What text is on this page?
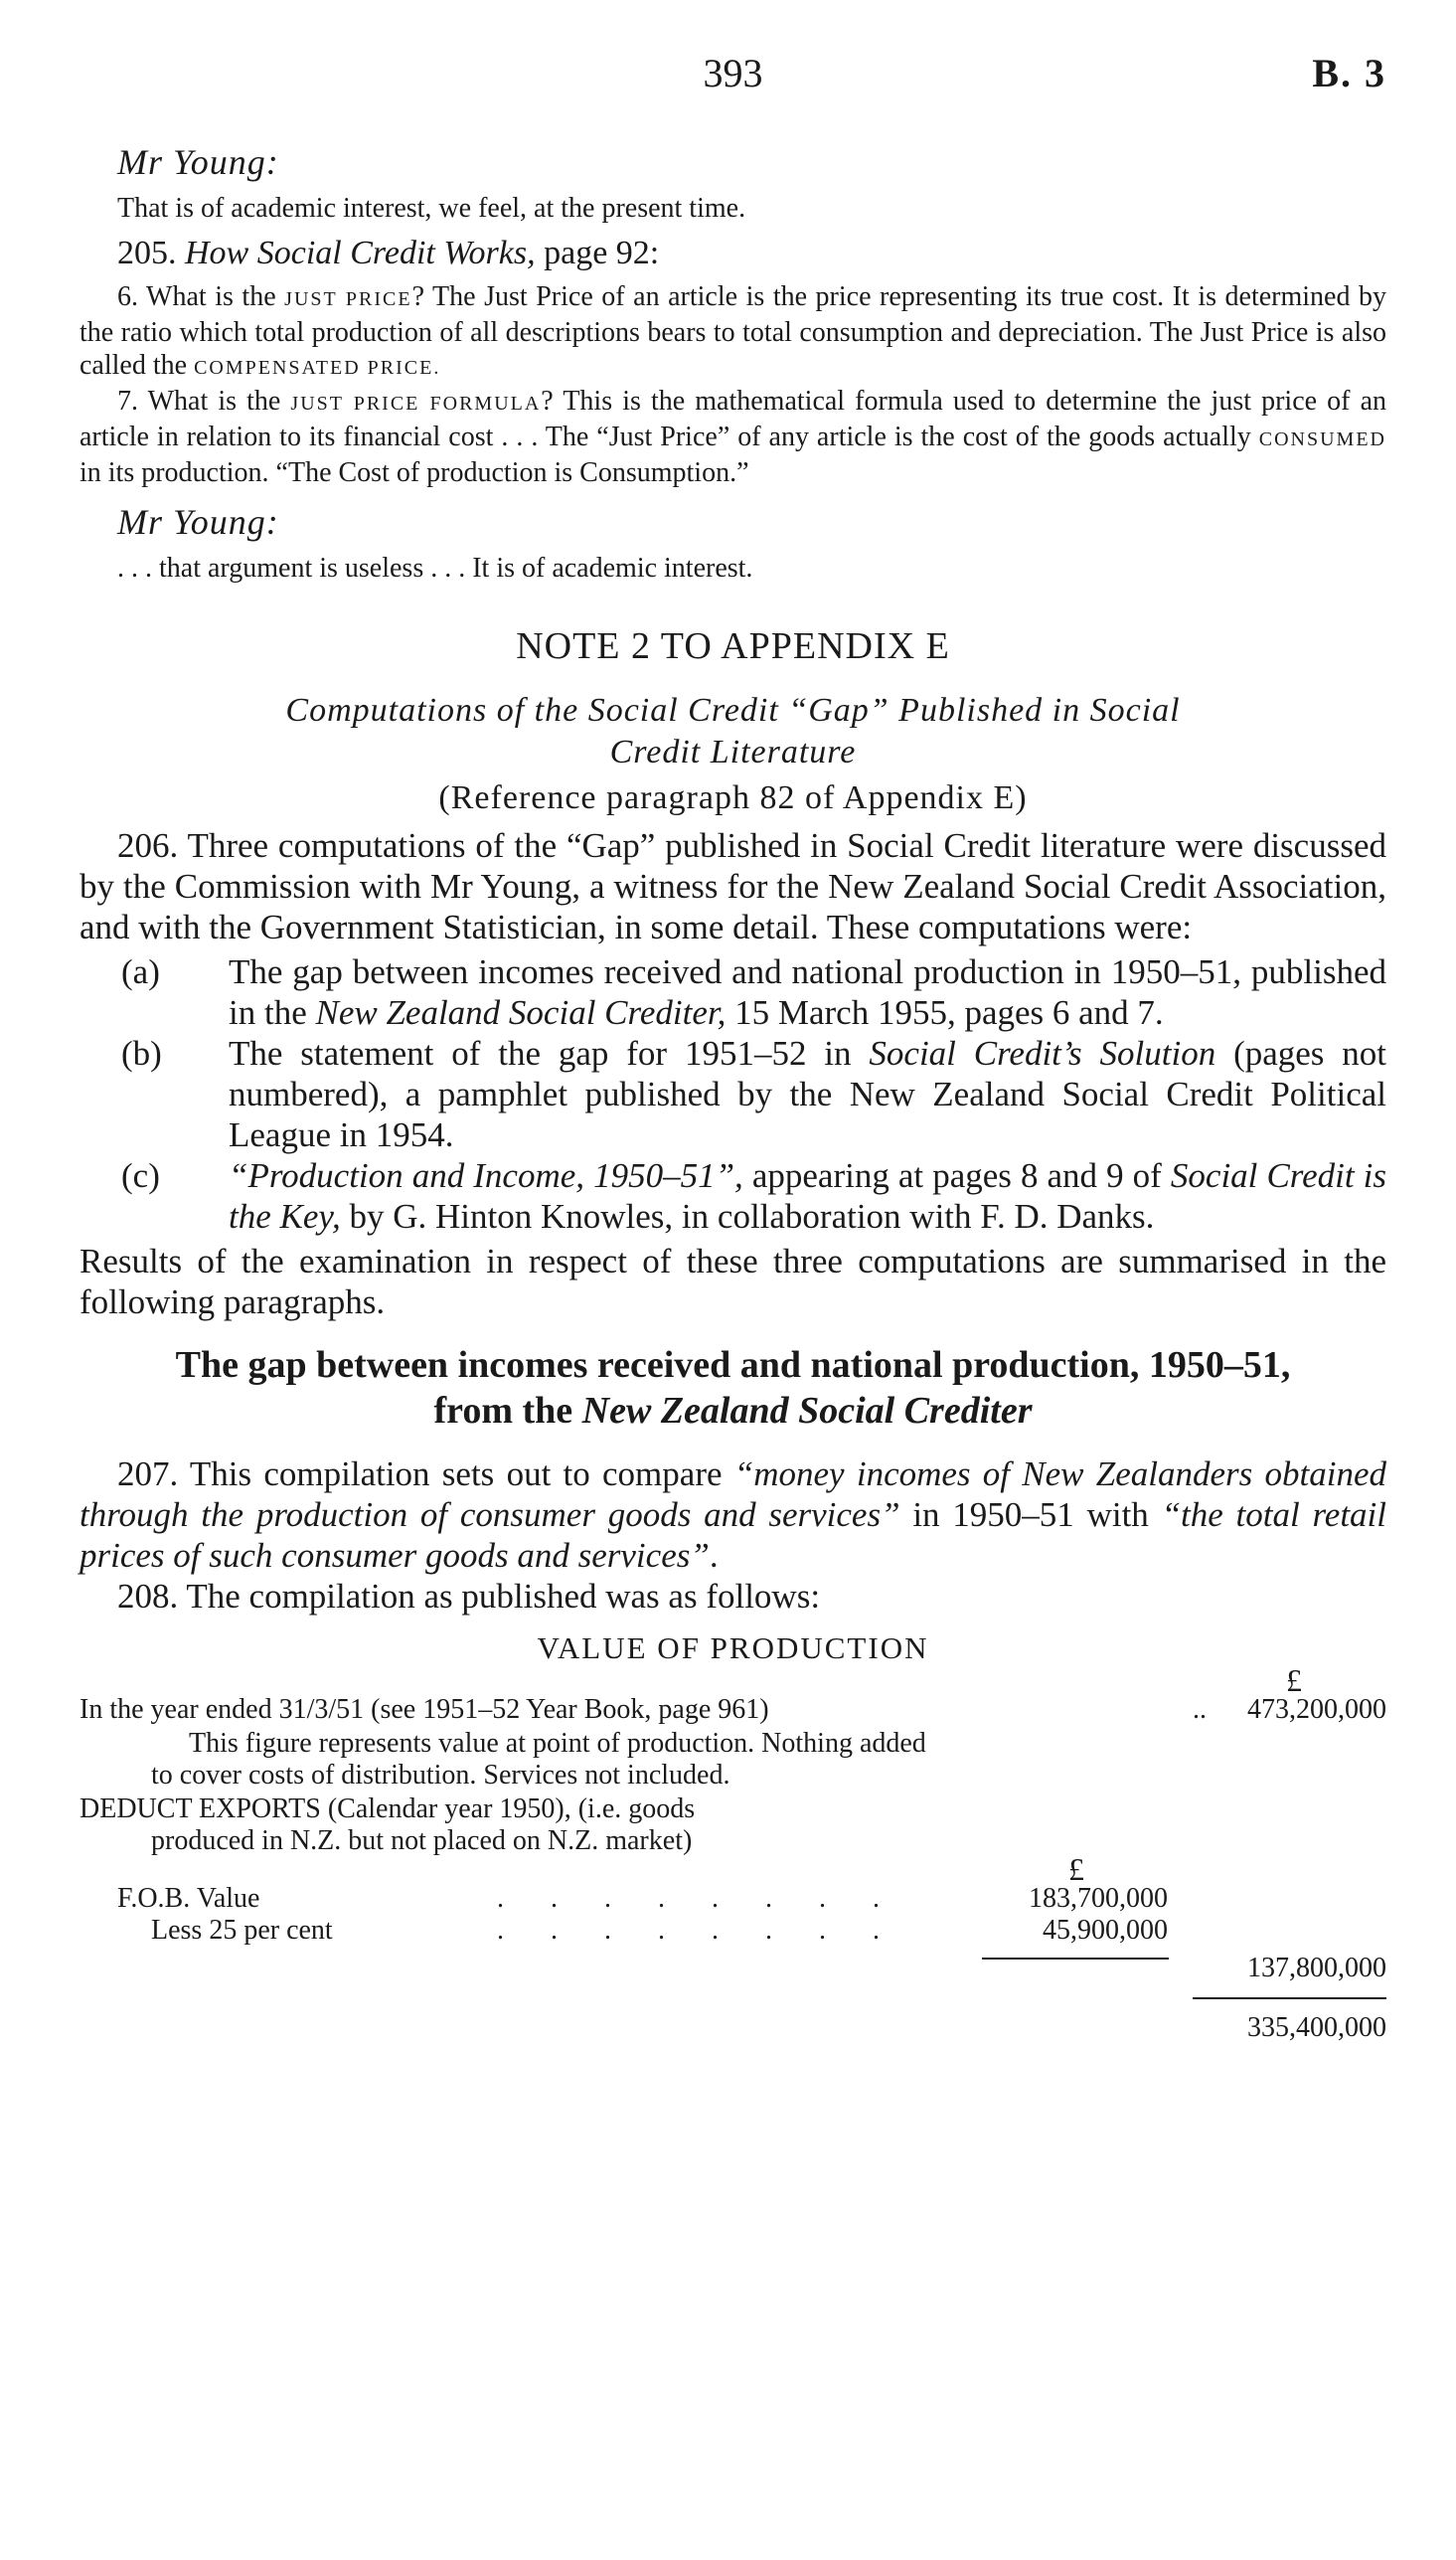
393	B. 3
Mr Young:
That is of academic interest, we feel, at the present time.
205. How Social Credit Works, page 92:
6. What is the JUST PRICE? The Just Price of an article is the price representing its true cost. It is determined by the ratio which total production of all descriptions bears to total consumption and depreciation. The Just Price is also called the COMPENSATED PRICE.
7. What is the JUST PRICE FORMULA? This is the mathematical formula used to determine the just price of an article in relation to its financial cost . . . The “Just Price” of any article is the cost of the goods actually CONSUMED in its production. “The Cost of production is Consumption.”
Mr Young:
. . . that argument is useless . . . It is of academic interest.
NOTE 2 TO APPENDIX E
Computations of the Social Credit “Gap” Published in Social Credit Literature
(Reference paragraph 82 of Appendix E)
206. Three computations of the “Gap” published in Social Credit literature were discussed by the Commission with Mr Young, a witness for the New Zealand Social Credit Association, and with the Government Statistician, in some detail. These computations were:
(a) The gap between incomes received and national production in 1950–51, published in the New Zealand Social Crediter, 15 March 1955, pages 6 and 7.
(b) The statement of the gap for 1951–52 in Social Credit’s Solution (pages not numbered), a pamphlet published by the New Zealand Social Credit Political League in 1954.
(c) “Production and Income, 1950–51”, appearing at pages 8 and 9 of Social Credit is the Key, by G. Hinton Knowles, in collaboration with F. D. Danks.
Results of the examination in respect of these three computations are summarised in the following paragraphs.
The gap between incomes received and national production, 1950–51, from the New Zealand Social Crediter
207. This compilation sets out to compare “money incomes of New Zealanders obtained through the production of consumer goods and services” in 1950–51 with “the total retail prices of such consumer goods and services”.
208. The compilation as published was as follows:
VALUE OF PRODUCTION
£
In the year ended 31/3/51 (see 1951–52 Year Book, page 961)	.. 473,200,000
This figure represents value at point of production. Nothing added
to cover costs of distribution. Services not included.
DEDUCT EXPORTS (Calendar year 1950), (i.e. goods
produced in N.Z. but not placed on N.Z. market)
£
F.O.B. Value	. . . . . . . .	183,700,000
Less 25 per cent	. . . . . . . .	45,900,000
137,800,000
335,400,000
